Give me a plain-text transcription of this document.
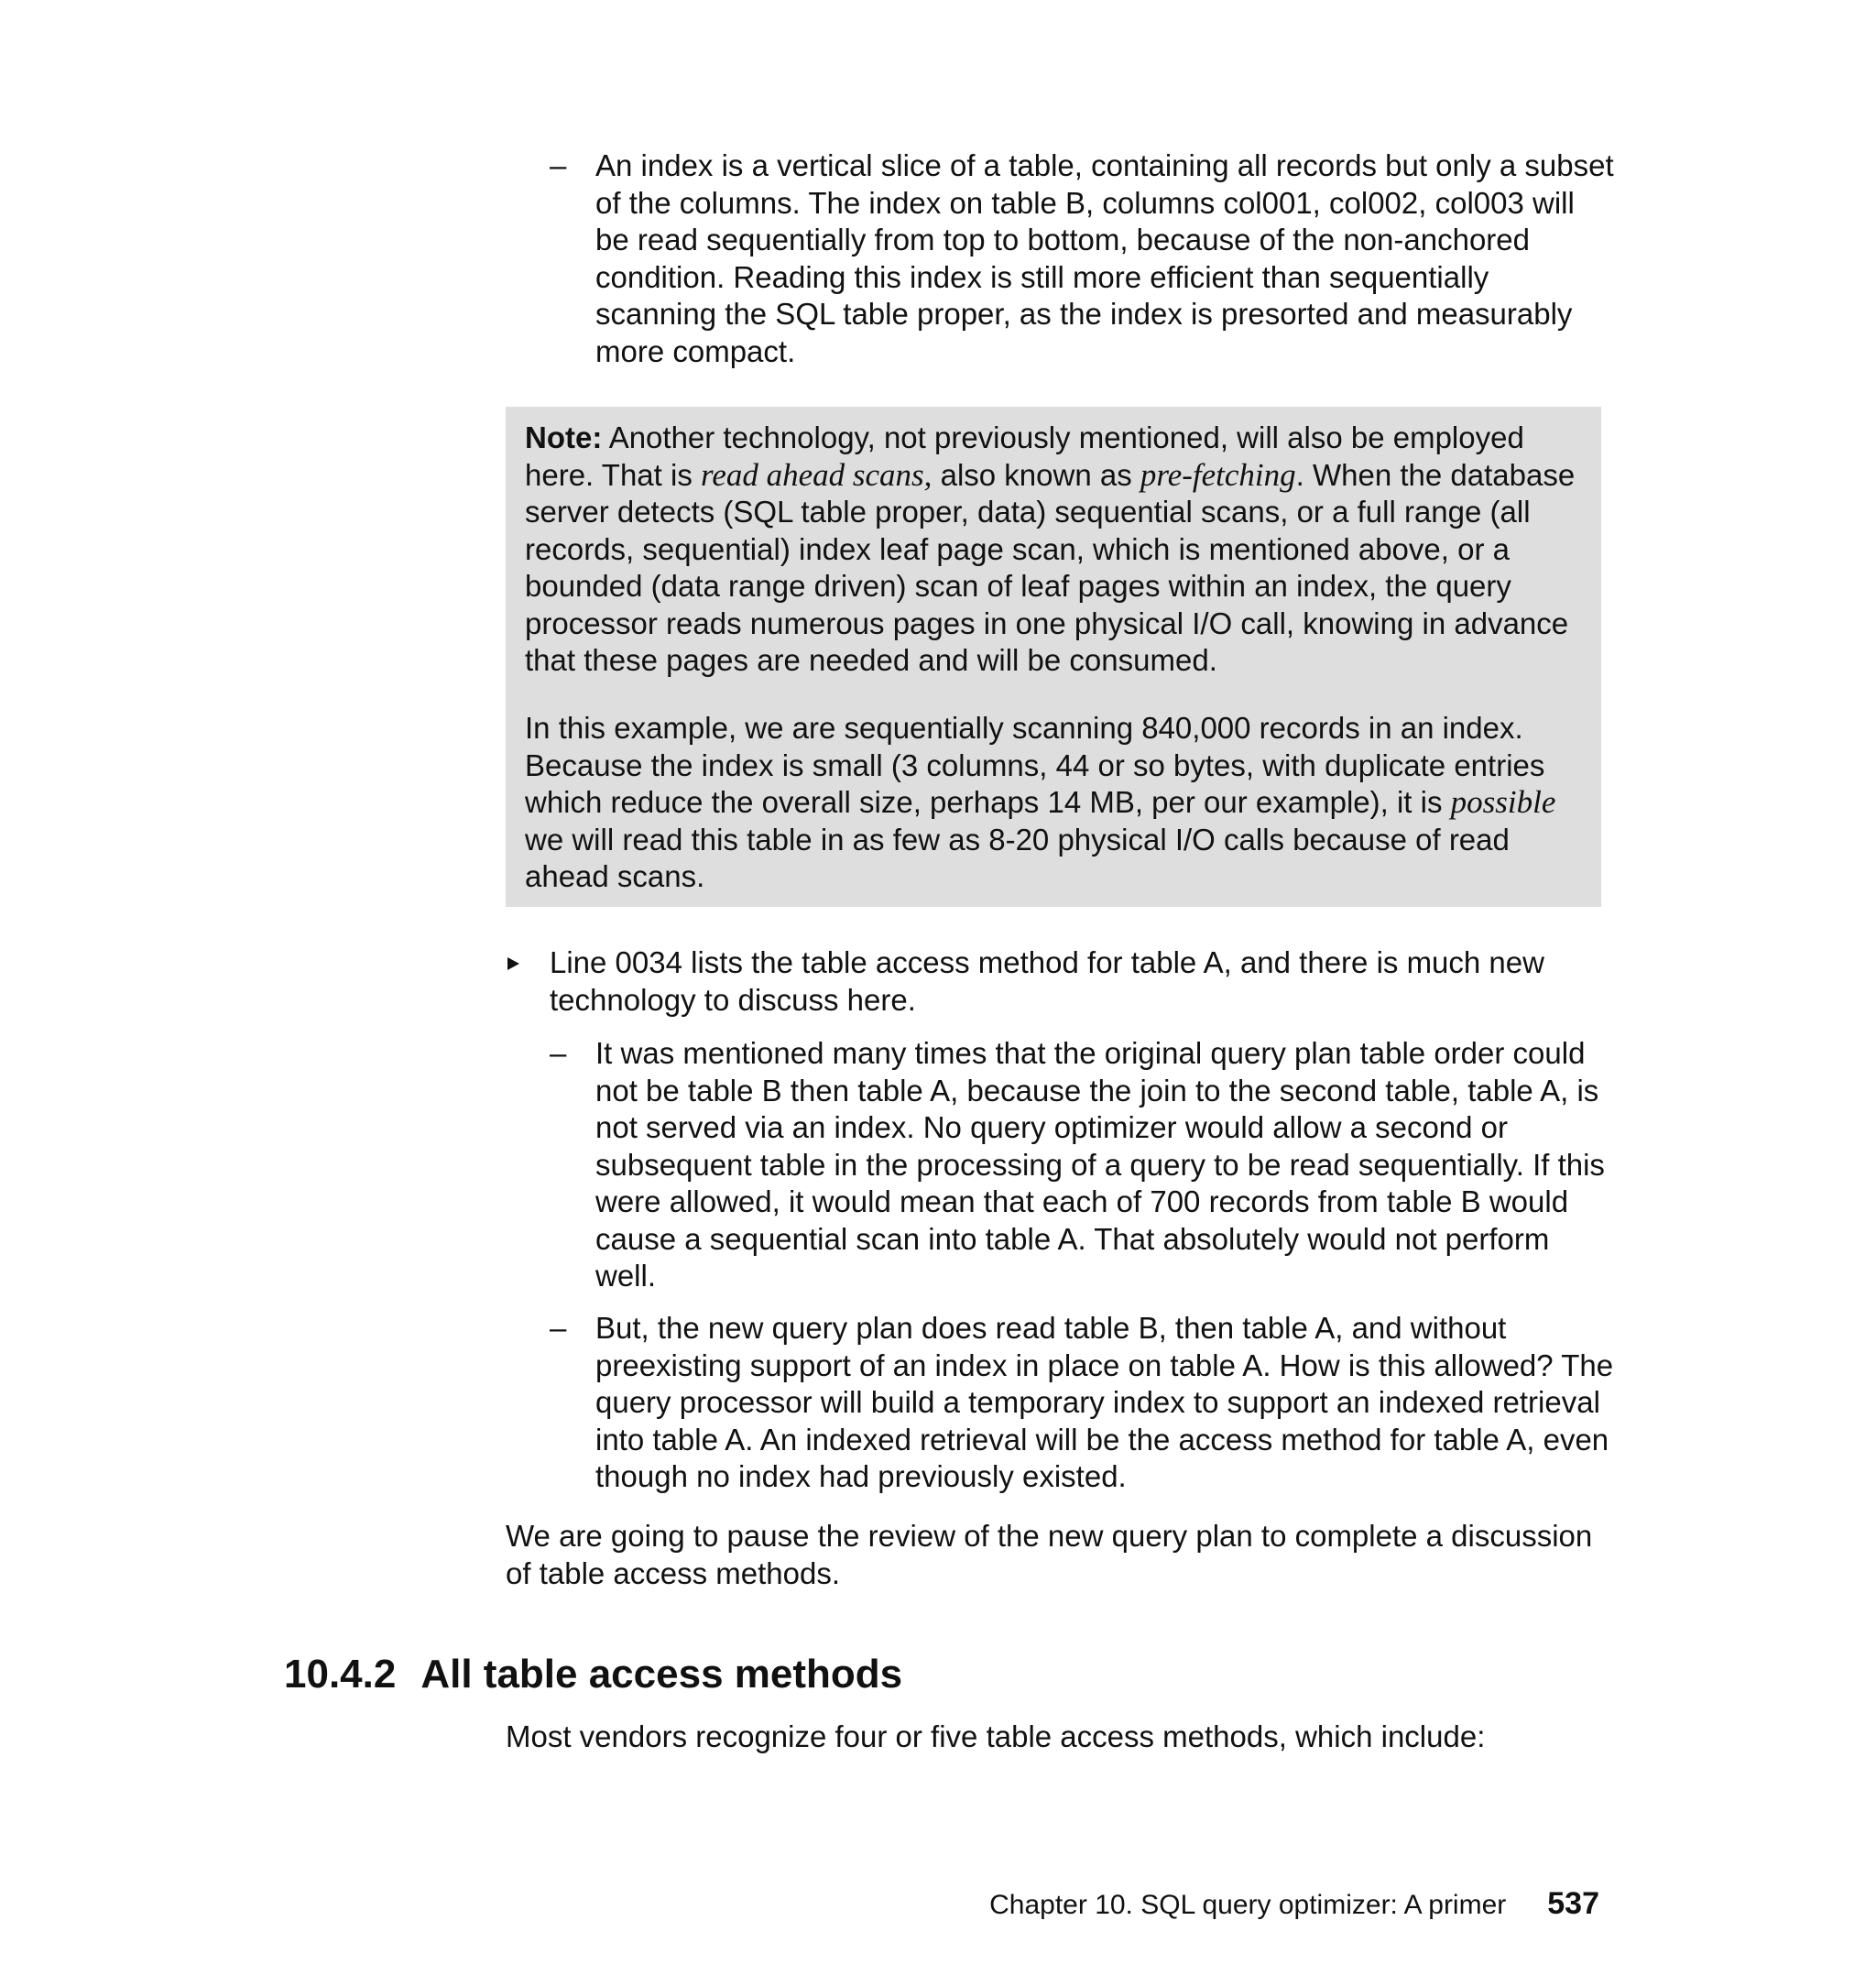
– An index is a vertical slice of a table, containing all records but only a subset of the columns. The index on table B, columns col001, col002, col003 will be read sequentially from top to bottom, because of the non-anchored condition. Reading this index is still more efficient than sequentially scanning the SQL table proper, as the index is presorted and measurably more compact.

Note: Another technology, not previously mentioned, will also be employed here. That is read ahead scans, also known as pre-fetching. When the database server detects (SQL table proper, data) sequential scans, or a full range (all records, sequential) index leaf page scan, which is mentioned above, or a bounded (data range driven) scan of leaf pages within an index, the query processor reads numerous pages in one physical I/O call, knowing in advance that these pages are needed and will be consumed.

In this example, we are sequentially scanning 840,000 records in an index. Because the index is small (3 columns, 44 or so bytes, with duplicate entries which reduce the overall size, perhaps 14 MB, per our example), it is possible we will read this table in as few as 8-20 physical I/O calls because of read ahead scans.

Line 0034 lists the table access method for table A, and there is much new technology to discuss here.
– It was mentioned many times that the original query plan table order could not be table B then table A, because the join to the second table, table A, is not served via an index. No query optimizer would allow a second or subsequent table in the processing of a query to be read sequentially. If this were allowed, it would mean that each of 700 records from table B would cause a sequential scan into table A. That absolutely would not perform well.
– But, the new query plan does read table B, then table A, and without preexisting support of an index in place on table A. How is this allowed? The query processor will build a temporary index to support an indexed retrieval into table A. An indexed retrieval will be the access method for table A, even though no index had previously existed.

We are going to pause the review of the new query plan to complete a discussion of table access methods.

10.4.2 All table access methods

Most vendors recognize four or five table access methods, which include:

Chapter 10. SQL query optimizer: A primer 537
